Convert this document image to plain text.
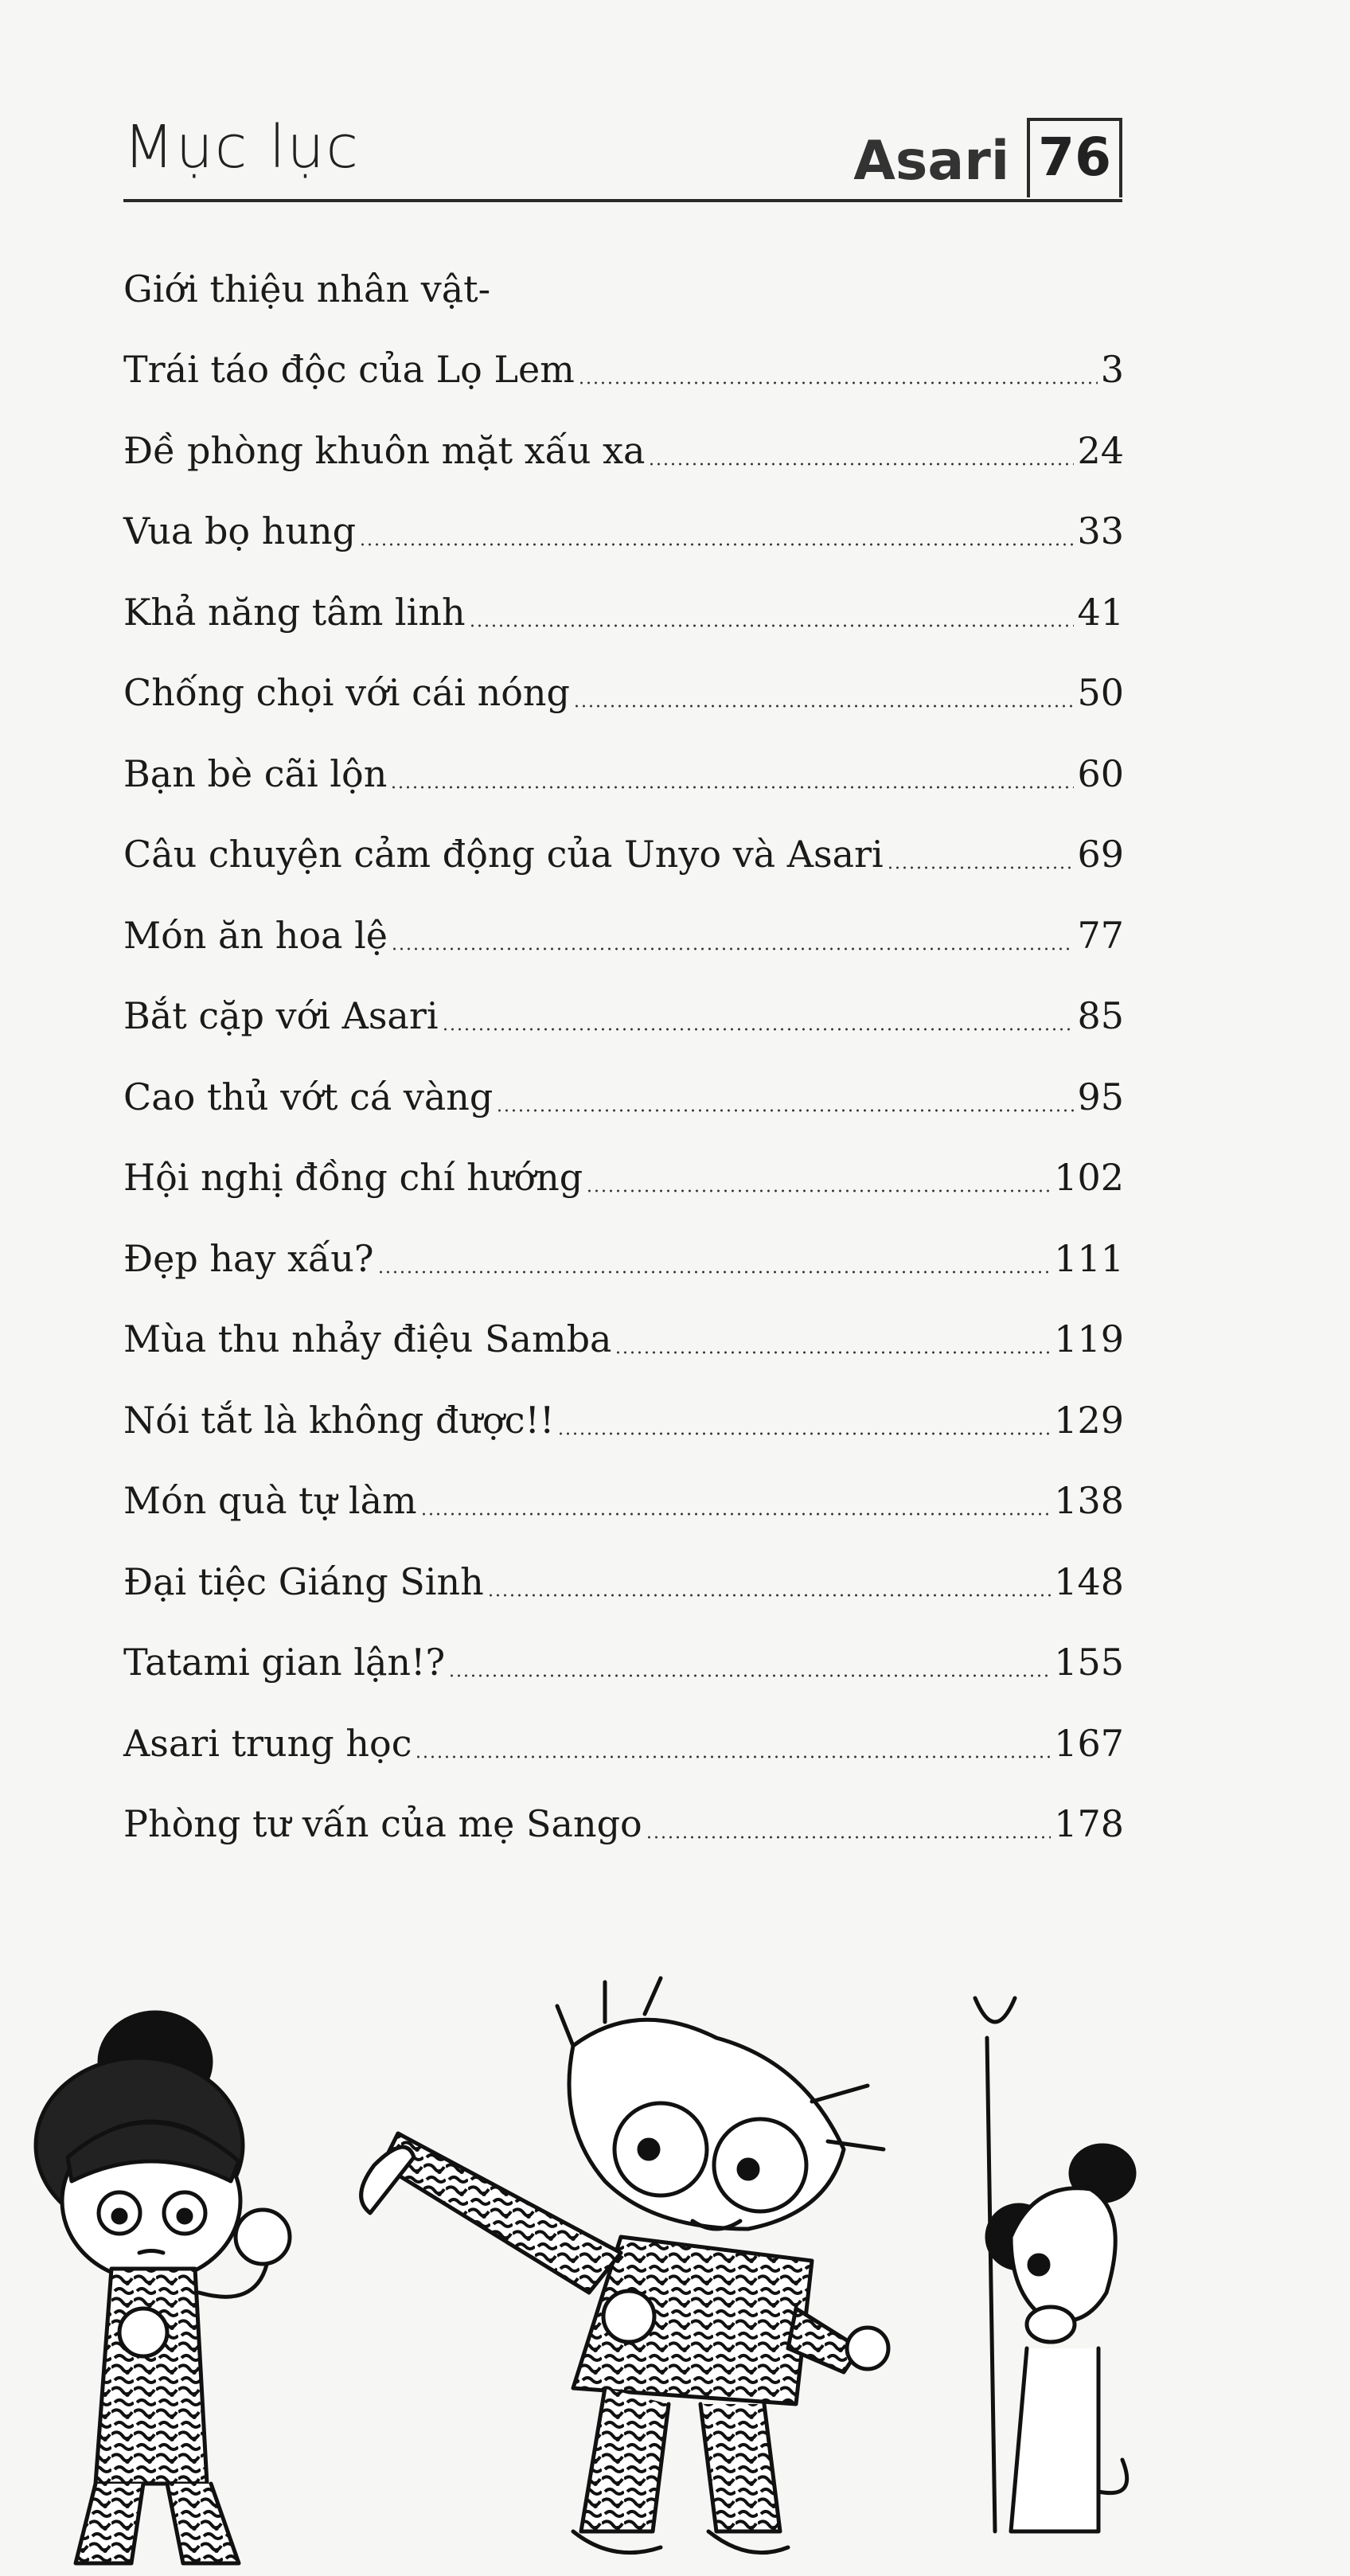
Mục lục	Asari 76
Giới thiệu nhân vật-
Trái táo độc của Lọ Lem	3
Đề phòng khuôn mặt xấu xa	24
Vua bọ hung	33
Khả năng tâm linh	41
Chống chọi với cái nóng	50
Bạn bè cãi lộn	60
Câu chuyện cảm động của Unyo và Asari	69
Món ăn hoa lệ	77
Bắt cặp với Asari	85
Cao thủ vớt cá vàng	95
Hội nghị đồng chí hướng	102
Đẹp hay xấu?	111
Mùa thu nhảy điệu Samba	119
Nói tắt là không được!!	129
Món quà tự làm	138
Đại tiệc Giáng Sinh	148
Tatami gian lận!?	155
Asari trung học	167
Phòng tư vấn của mẹ Sango	178
